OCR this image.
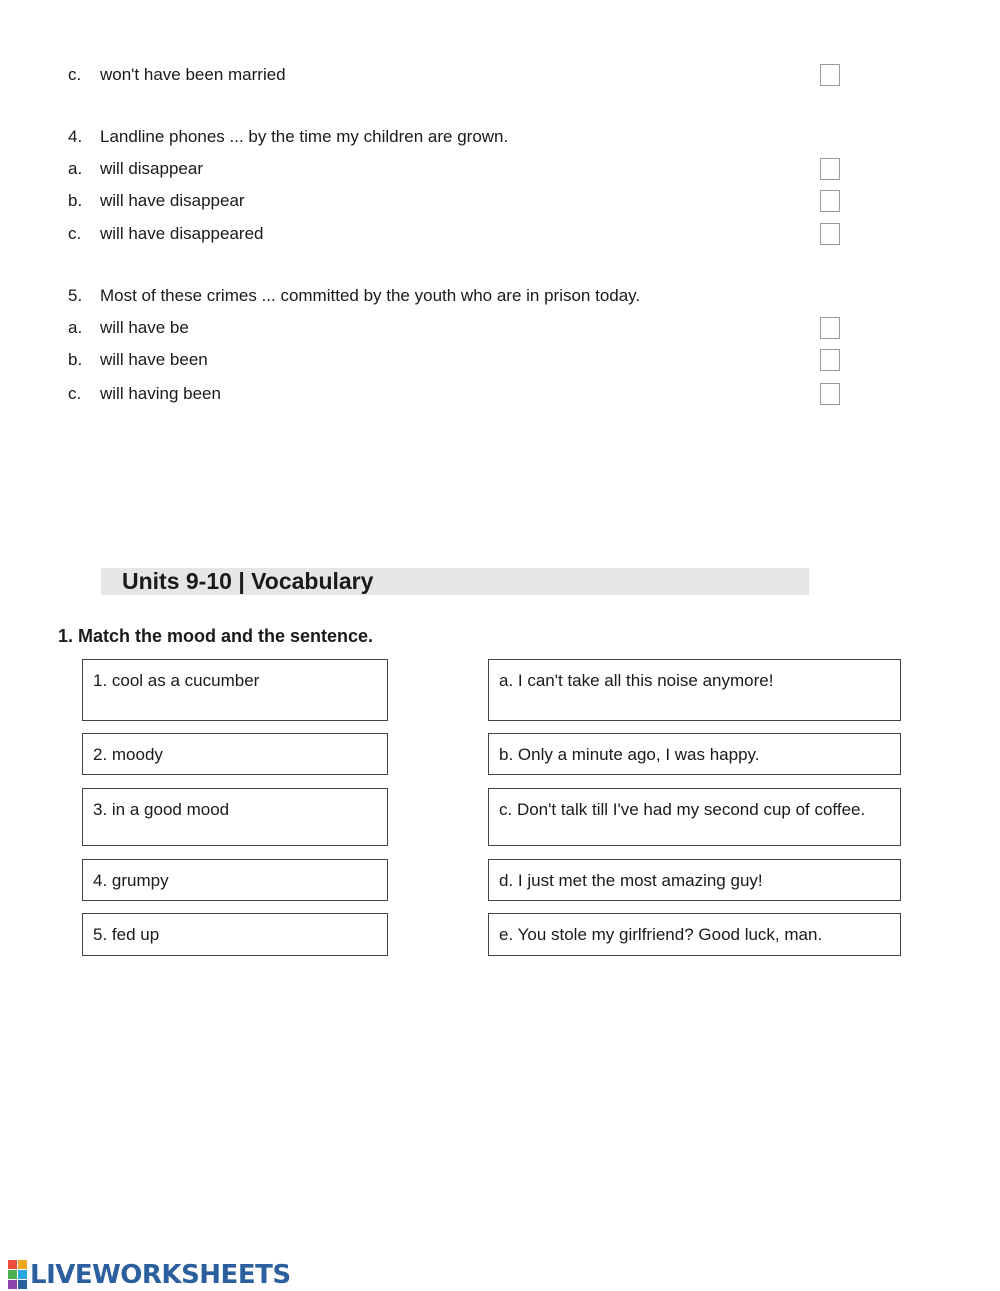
c. won't have been married
4. Landline phones ... by the time my children are grown.
a. will disappear
b. will have disappear
c. will have disappeared
5. Most of these crimes ... committed by the youth who are in prison today.
a. will have be
b. will have been
c. will having been
Units 9-10 | Vocabulary
1. Match the mood and the sentence.
1. cool as a cucumber
2. moody
3. in a good mood
4. grumpy
5. fed up
a. I can't take all this noise anymore!
b. Only a minute ago, I was happy.
c. Don't talk till I've had my second cup of coffee.
d. I just met the most amazing guy!
e. You stole my girlfriend? Good luck, man.
LIVEWORKSHEETS
